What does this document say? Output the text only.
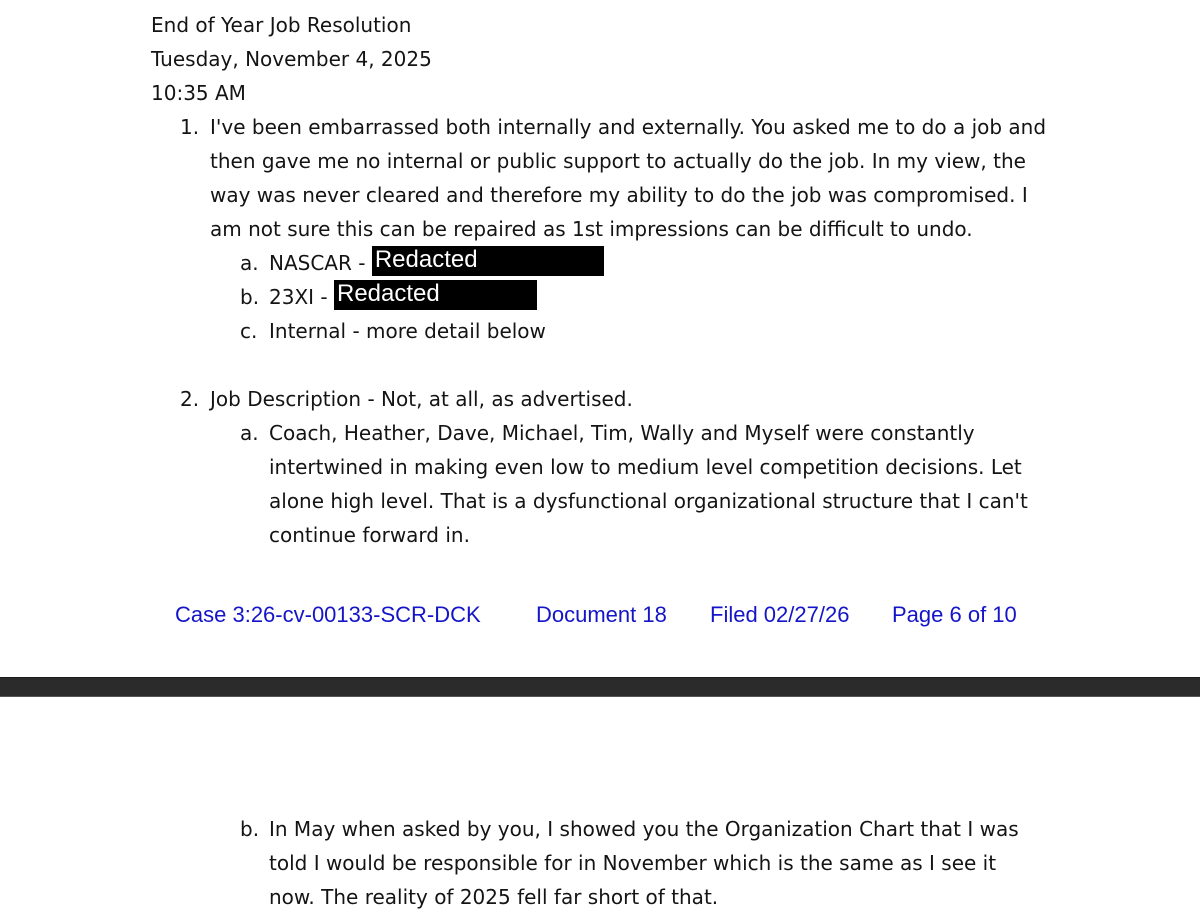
End of Year Job Resolution
Tuesday, November 4, 2025
10:35 AM
1. I've been embarrassed both internally and externally. You asked me to do a job and
then gave me no internal or public support to actually do the job. In my view, the
way was never cleared and therefore my ability to do the job was compromised. I
am not sure this can be repaired as 1st impressions can be difficult to undo.
a. NASCAR - Redacted
b. 23XI - Redacted
c. Internal - more detail below
2. Job Description - Not, at all, as advertised.
a. Coach, Heather, Dave, Michael, Tim, Wally and Myself were constantly
intertwined in making even low to medium level competition decisions. Let
alone high level. That is a dysfunctional organizational structure that I can't
continue forward in.
Case 3:26-cv-00133-SCR-DCK	Document 18 Filed 02/27/26 Page 6 of 10
b. In May when asked by you, I showed you the Organization Chart that I was
told I would be responsible for in November which is the same as I see it
now. The reality of 2025 fell far short of that.
